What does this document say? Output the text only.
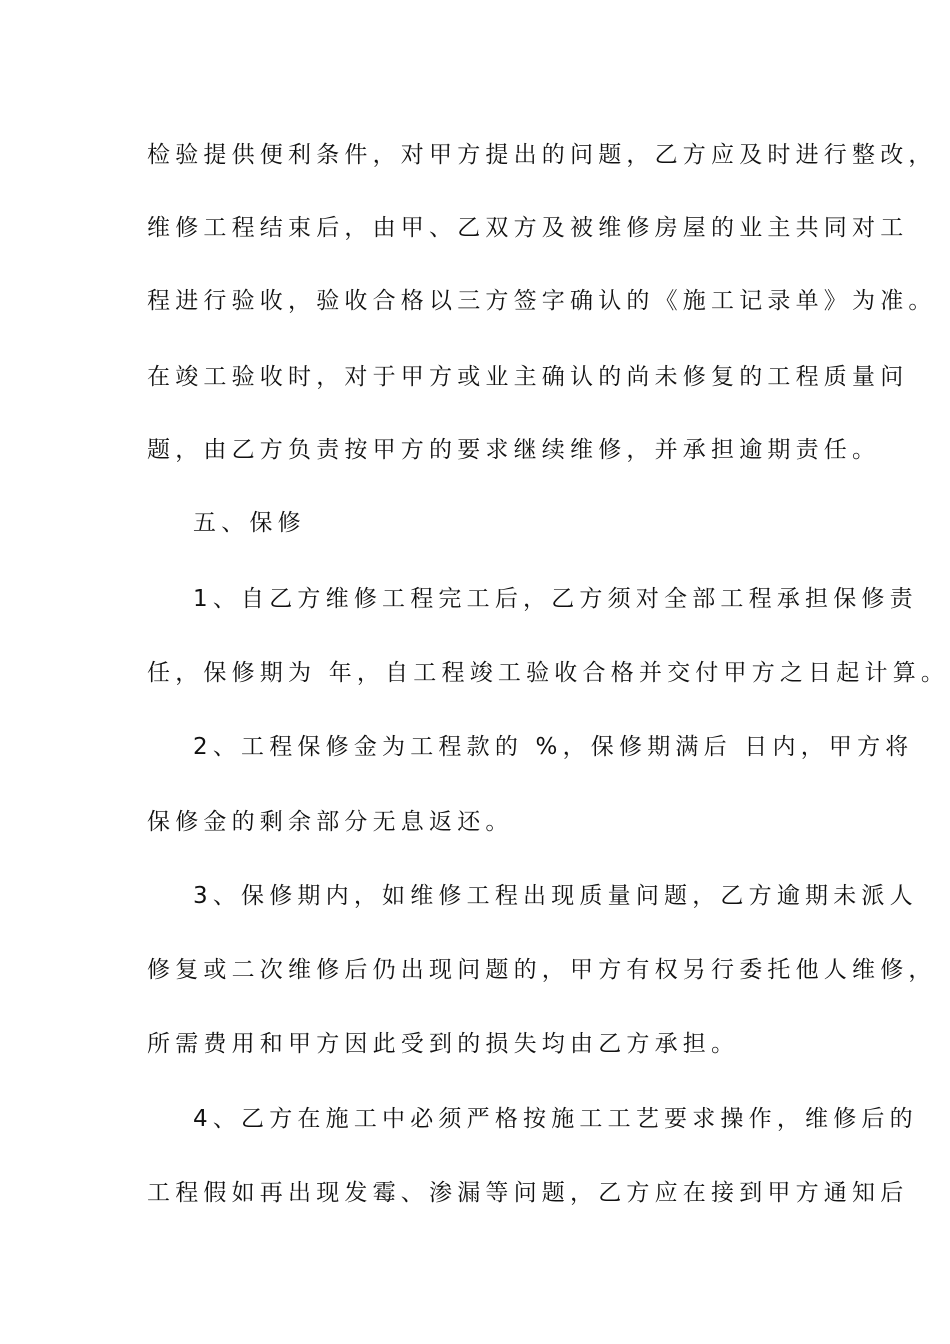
检验提供便利条件，对甲方提出的问题，乙方应及时进行整改，
维修工程结束后，由甲、乙双方及被维修房屋的业主共同对工
程进行验收，验收合格以三方签字确认的《施工记录单》为准。
在竣工验收时，对于甲方或业主确认的尚未修复的工程质量问
题，由乙方负责按甲方的要求继续维修，并承担逾期责任。
五、保修
1、自乙方维修工程完工后，乙方须对全部工程承担保修责
任，保修期为 年，自工程竣工验收合格并交付甲方之日起计算。
2、工程保修金为工程款的 %，保修期满后 日内，甲方将
保修金的剩余部分无息返还。
3、保修期内，如维修工程出现质量问题，乙方逾期未派人
修复或二次维修后仍出现问题的，甲方有权另行委托他人维修，
所需费用和甲方因此受到的损失均由乙方承担。
4、乙方在施工中必须严格按施工工艺要求操作，维修后的
工程假如再出现发霉、渗漏等问题，乙方应在接到甲方通知后
